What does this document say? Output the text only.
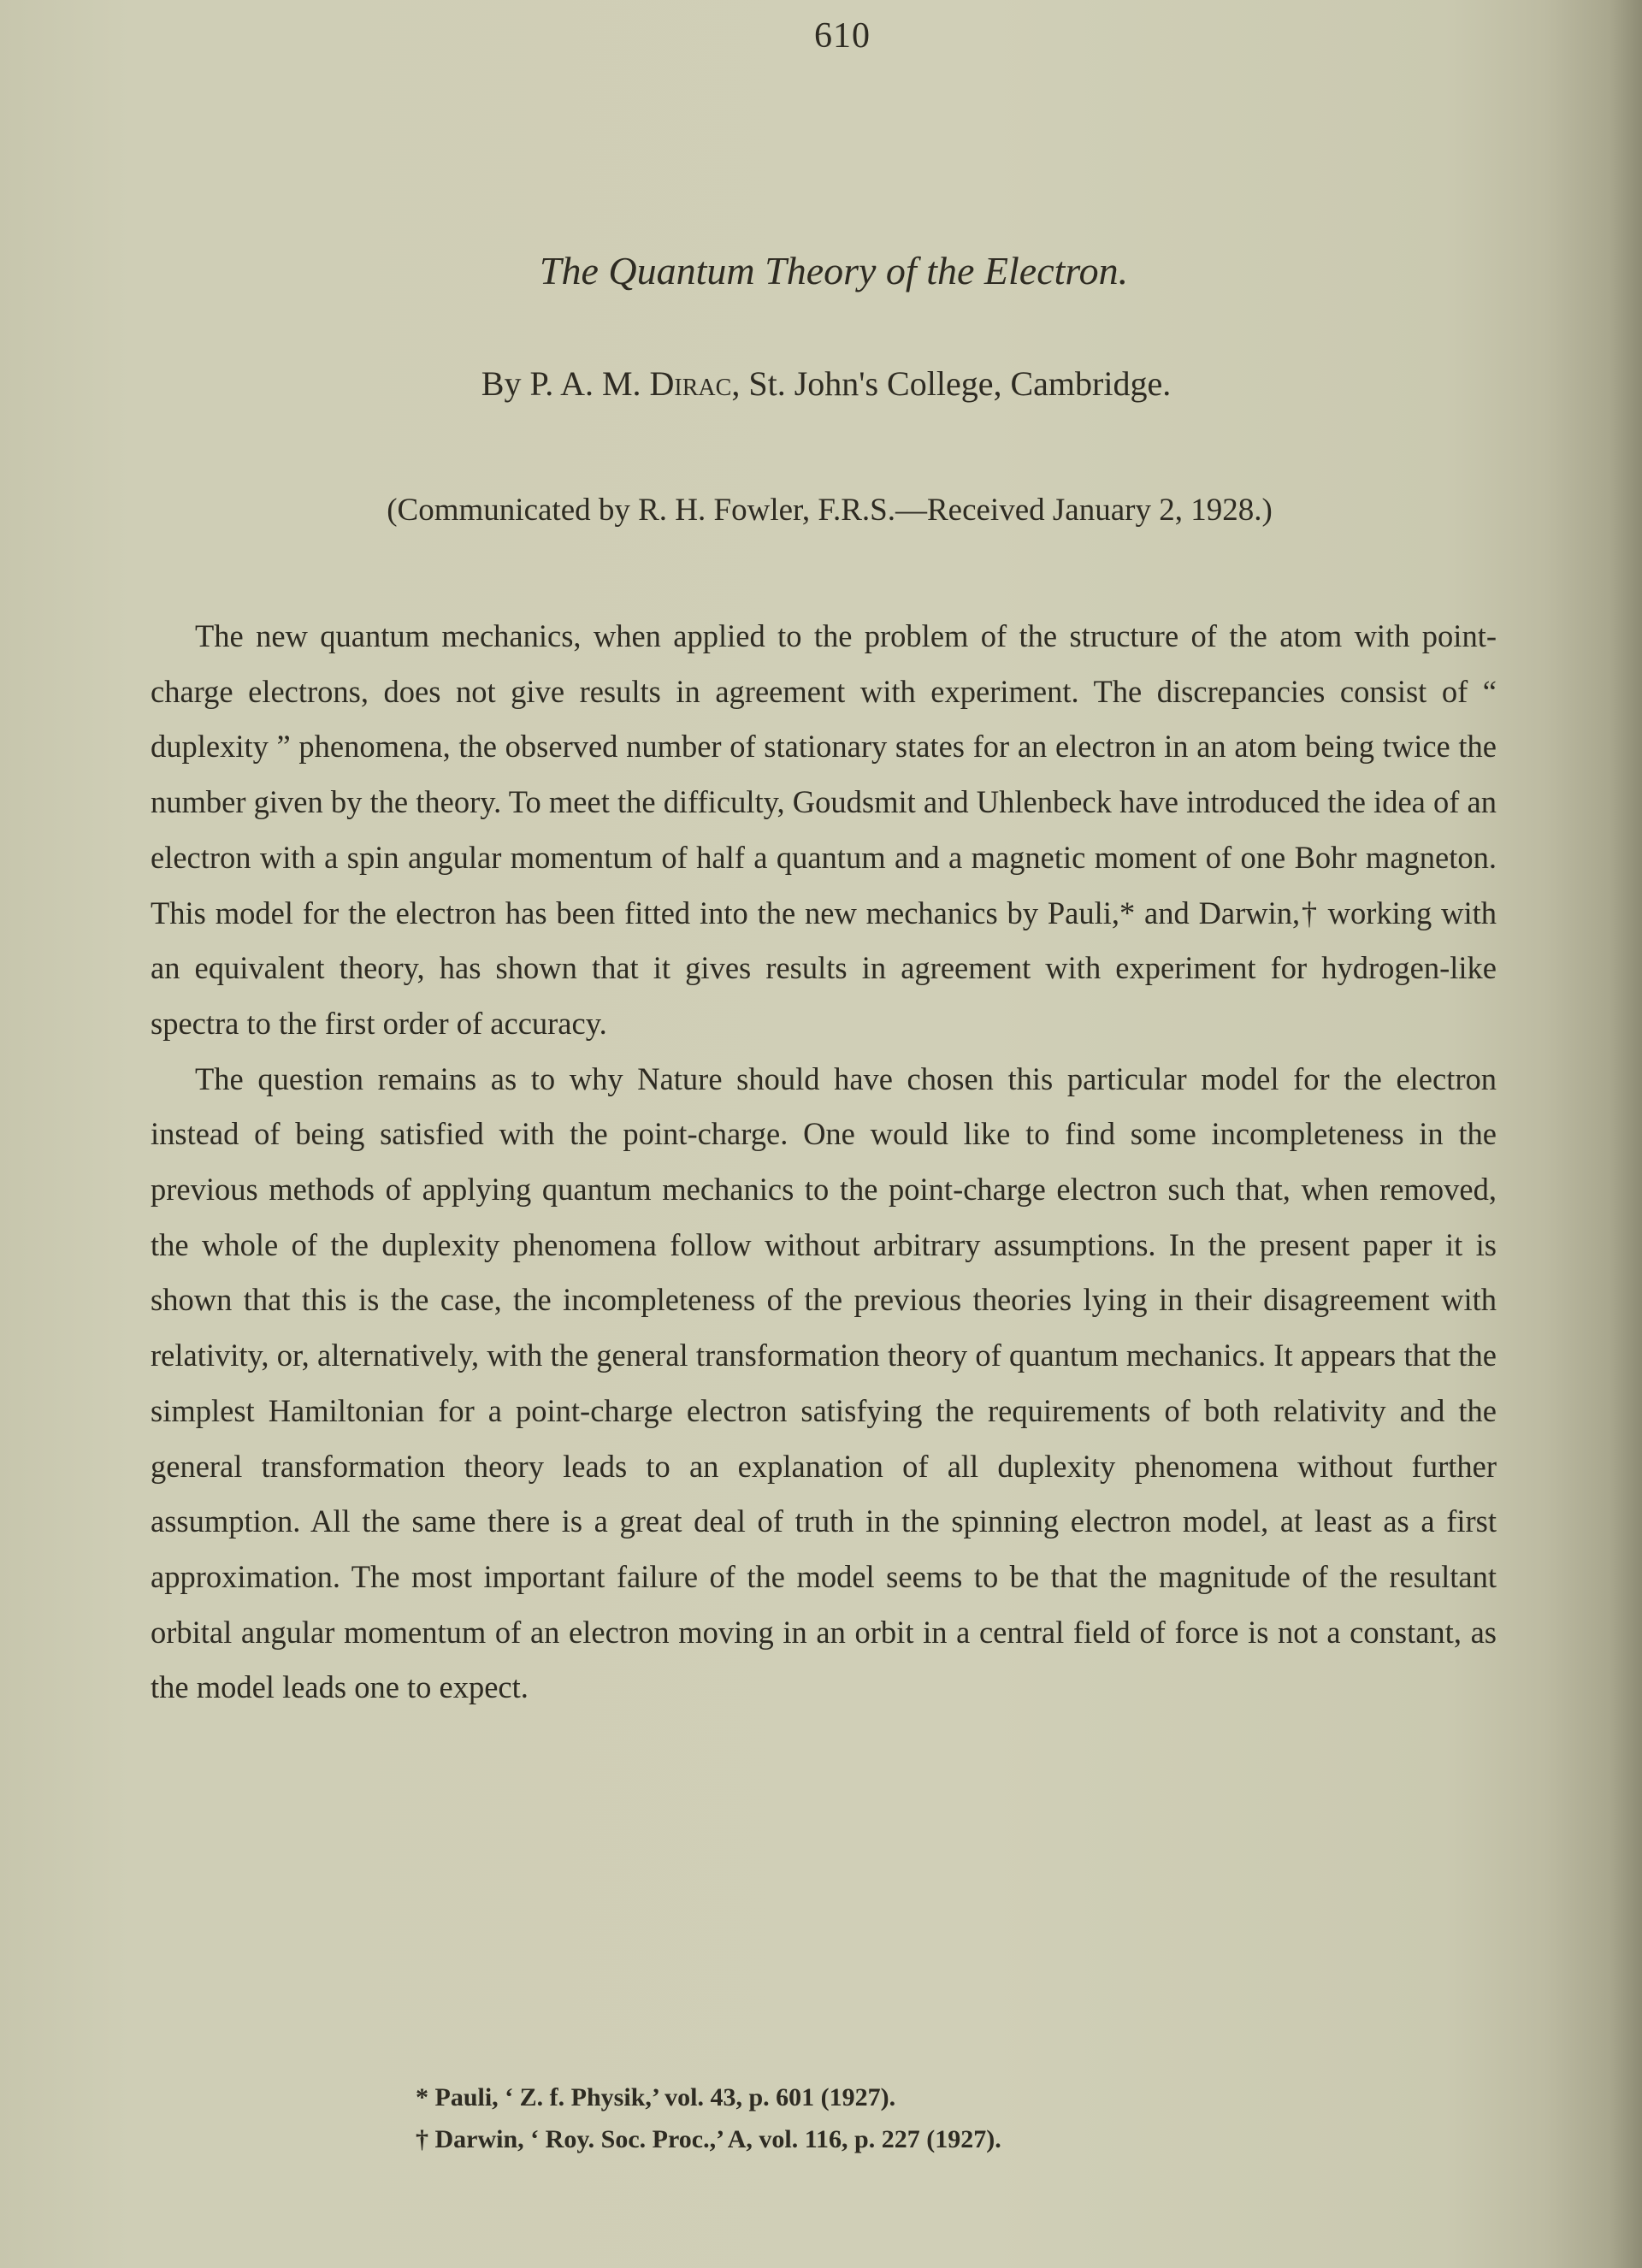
610
The Quantum Theory of the Electron.
By P. A. M. Dirac, St. John's College, Cambridge.
(Communicated by R. H. Fowler, F.R.S.—Received January 2, 1928.)

The new quantum mechanics, when applied to the problem of the structure of the atom with point-charge electrons, does not give results in agreement with experiment. The discrepancies consist of “ duplexity ” phenomena, the observed number of stationary states for an electron in an atom being twice the number given by the theory. To meet the difficulty, Goudsmit and Uhlenbeck have introduced the idea of an electron with a spin angular momentum of half a quantum and a magnetic moment of one Bohr magneton. This model for the electron has been fitted into the new mechanics by Pauli,* and Darwin,† working with an equivalent theory, has shown that it gives results in agreement with experiment for hydrogen-like spectra to the first order of accuracy.

The question remains as to why Nature should have chosen this particular model for the electron instead of being satisfied with the point-charge. One would like to find some incompleteness in the previous methods of applying quantum mechanics to the point-charge electron such that, when removed, the whole of the duplexity phenomena follow without arbitrary assumptions. In the present paper it is shown that this is the case, the incompleteness of the previous theories lying in their disagreement with relativity, or, alternatively, with the general transformation theory of quantum mechanics. It appears that the simplest Hamiltonian for a point-charge electron satisfying the requirements of both relativity and the general transformation theory leads to an explanation of all duplexity phenomena without further assumption. All the same there is a great deal of truth in the spinning electron model, at least as a first approximation. The most important failure of the model seems to be that the magnitude of the resultant orbital angular momentum of an electron moving in an orbit in a central field of force is not a constant, as the model leads one to expect.

* Pauli, ‘ Z. f. Physik,’ vol. 43, p. 601 (1927).
† Darwin, ‘ Roy. Soc. Proc.,’ A, vol. 116, p. 227 (1927).
